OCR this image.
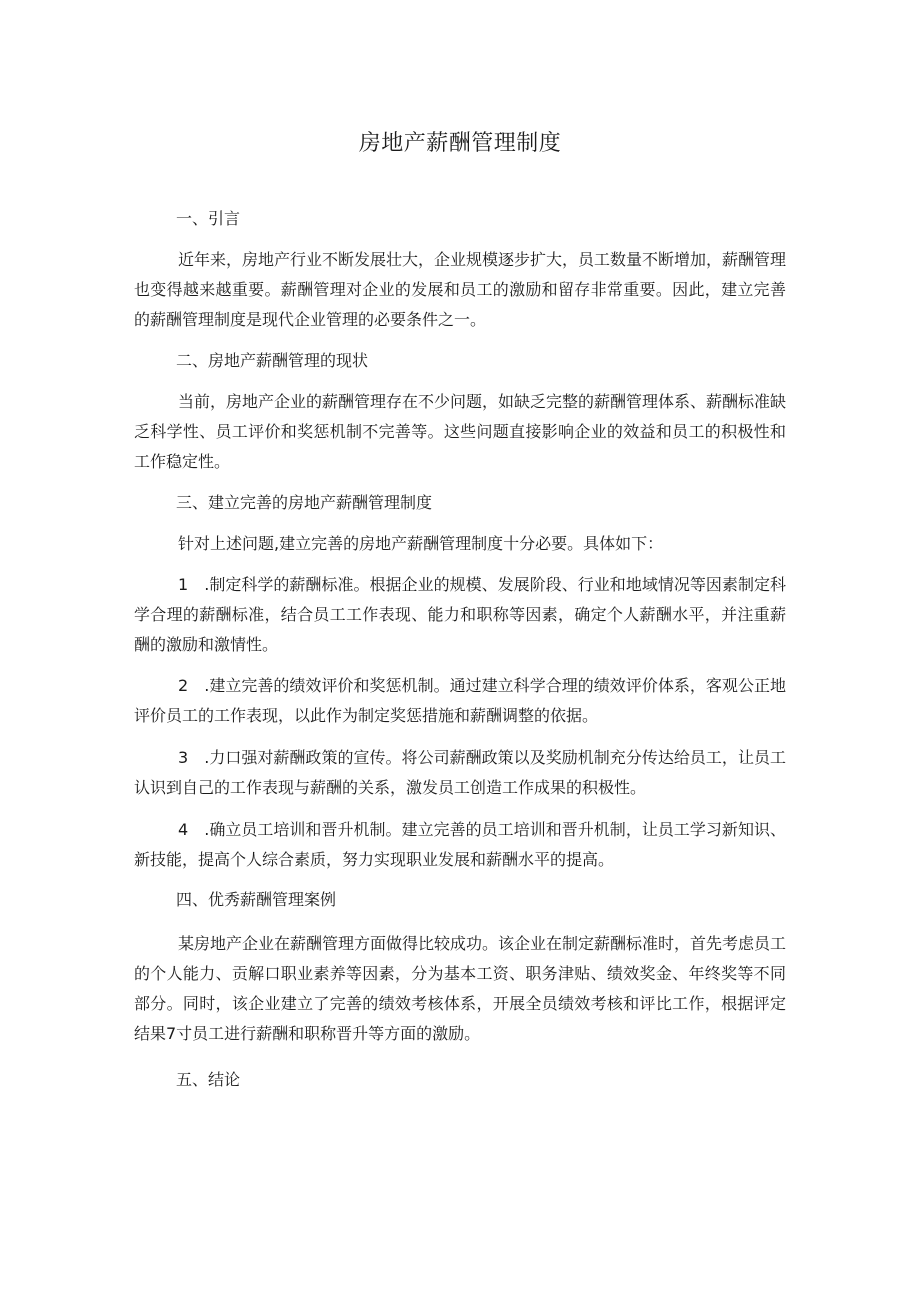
房地产薪酬管理制度
一、引言

近年来，房地产行业不断发展壮大，企业规模逐步扩大，员工数量不断增加，薪酬管理也变得越来越重要。薪酬管理对企业的发展和员工的激励和留存非常重要。因此，建立完善的薪酬管理制度是现代企业管理的必要条件之一。

二、房地产薪酬管理的现状

当前，房地产企业的薪酬管理存在不少问题，如缺乏完整的薪酬管理体系、薪酬标准缺乏科学性、员工评价和奖惩机制不完善等。这些问题直接影响企业的效益和员工的积极性和工作稳定性。

三、建立完善的房地产薪酬管理制度

针对上述问题,建立完善的房地产薪酬管理制度十分必要。具体如下：

1　.制定科学的薪酬标准。根据企业的规模、发展阶段、行业和地域情况等因素制定科学合理的薪酬标准，结合员工工作表现、能力和职称等因素，确定个人薪酬水平，并注重薪酬的激励和激情性。

2　.建立完善的绩效评价和奖惩机制。通过建立科学合理的绩效评价体系，客观公正地评价员工的工作表现，以此作为制定奖惩措施和薪酬调整的依据。

3　.力口强对薪酬政策的宣传。将公司薪酬政策以及奖励机制充分传达给员工，让员工认识到自己的工作表现与薪酬的关系，激发员工创造工作成果的积极性。

4　.确立员工培训和晋升机制。建立完善的员工培训和晋升机制，让员工学习新知识、新技能，提高个人综合素质，努力实现职业发展和薪酬水平的提高。

四、优秀薪酬管理案例

某房地产企业在薪酬管理方面做得比较成功。该企业在制定薪酬标准时，首先考虑员工的个人能力、贡解口职业素养等因素，分为基本工资、职务津贴、绩效奖金、年终奖等不同部分。同时，该企业建立了完善的绩效考核体系，开展全员绩效考核和评比工作，根据评定结果7寸员工进行薪酬和职称晋升等方面的激励。

五、结论
